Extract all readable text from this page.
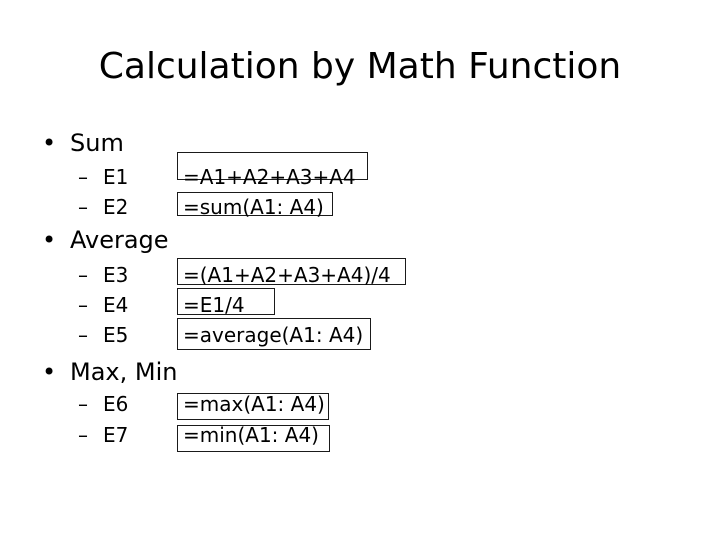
Calculation by Math Function
• Sum
– E1	=A1+A2+A3+A4
– E2	=sum(A1: A4)
• Average
– E3	=(A1+A2+A3+A4)/4
– E4	=E1/4
– E5	=average(A1: A4)
• Max, Min
– E6	=max(A1: A4)
– E7	=min(A1: A4)
